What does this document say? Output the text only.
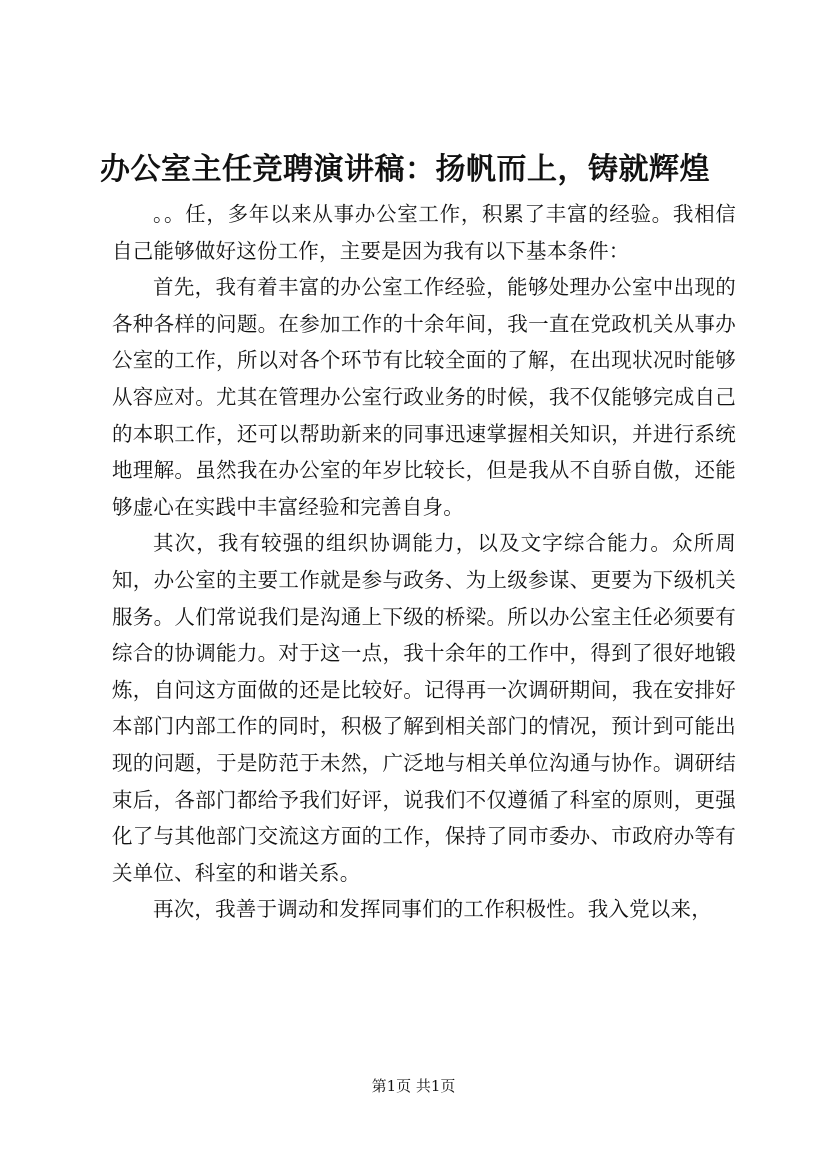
办公室主任竞聘演讲稿：扬帆而上，铸就辉煌

。。任，多年以来从事办公室工作，积累了丰富的经验。我相信自己能够做好这份工作，主要是因为我有以下基本条件：

首先，我有着丰富的办公室工作经验，能够处理办公室中出现的各种各样的问题。在参加工作的十余年间，我一直在党政机关从事办公室的工作，所以对各个环节有比较全面的了解，在出现状况时能够从容应对。尤其在管理办公室行政业务的时候，我不仅能够完成自己的本职工作，还可以帮助新来的同事迅速掌握相关知识，并进行系统地理解。虽然我在办公室的年岁比较长，但是我从不自骄自傲，还能够虚心在实践中丰富经验和完善自身。

其次，我有较强的组织协调能力，以及文字综合能力。众所周知，办公室的主要工作就是参与政务、为上级参谋、更要为下级机关服务。人们常说我们是沟通上下级的桥梁。所以办公室主任必须要有综合的协调能力。对于这一点，我十余年的工作中，得到了很好地锻炼，自问这方面做的还是比较好。记得再一次调研期间，我在安排好本部门内部工作的同时，积极了解到相关部门的情况，预计到可能出现的问题，于是防范于未然，广泛地与相关单位沟通与协作。调研结束后，各部门都给予我们好评，说我们不仅遵循了科室的原则，更强化了与其他部门交流这方面的工作，保持了同市委办、市政府办等有关单位、科室的和谐关系。

再次，我善于调动和发挥同事们的工作积极性。我入党以来，

第1页 共1页
